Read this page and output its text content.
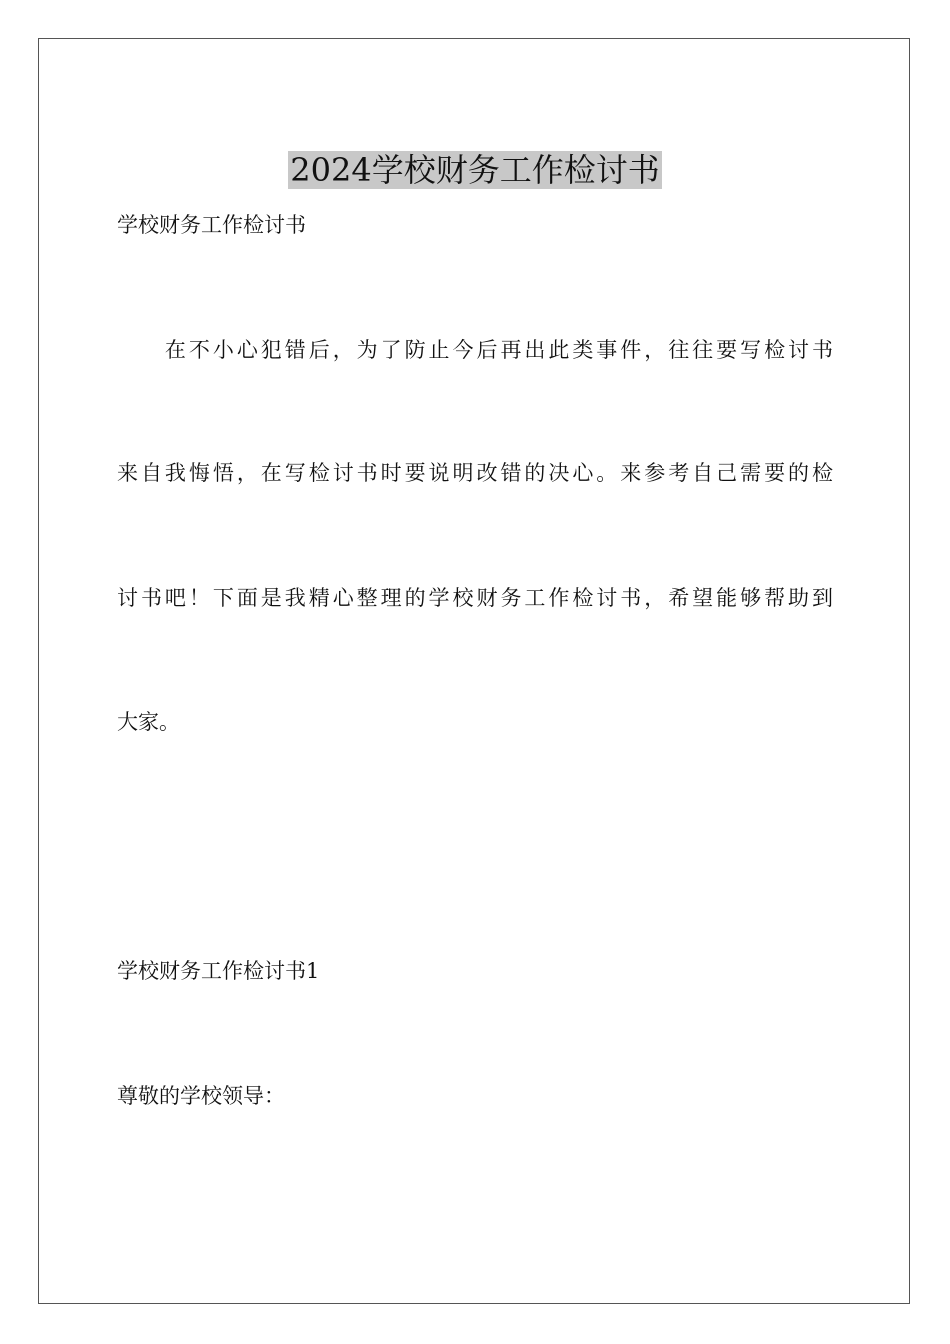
2024学校财务工作检讨书
学校财务工作检讨书
　　在不小心犯错后，为了防止今后再出此类事件，往往要写检讨书
来自我悔悟，在写检讨书时要说明改错的决心。来参考自己需要的检
讨书吧！下面是我精心整理的学校财务工作检讨书，希望能够帮助到
大家。
学校财务工作检讨书1
尊敬的学校领导：
